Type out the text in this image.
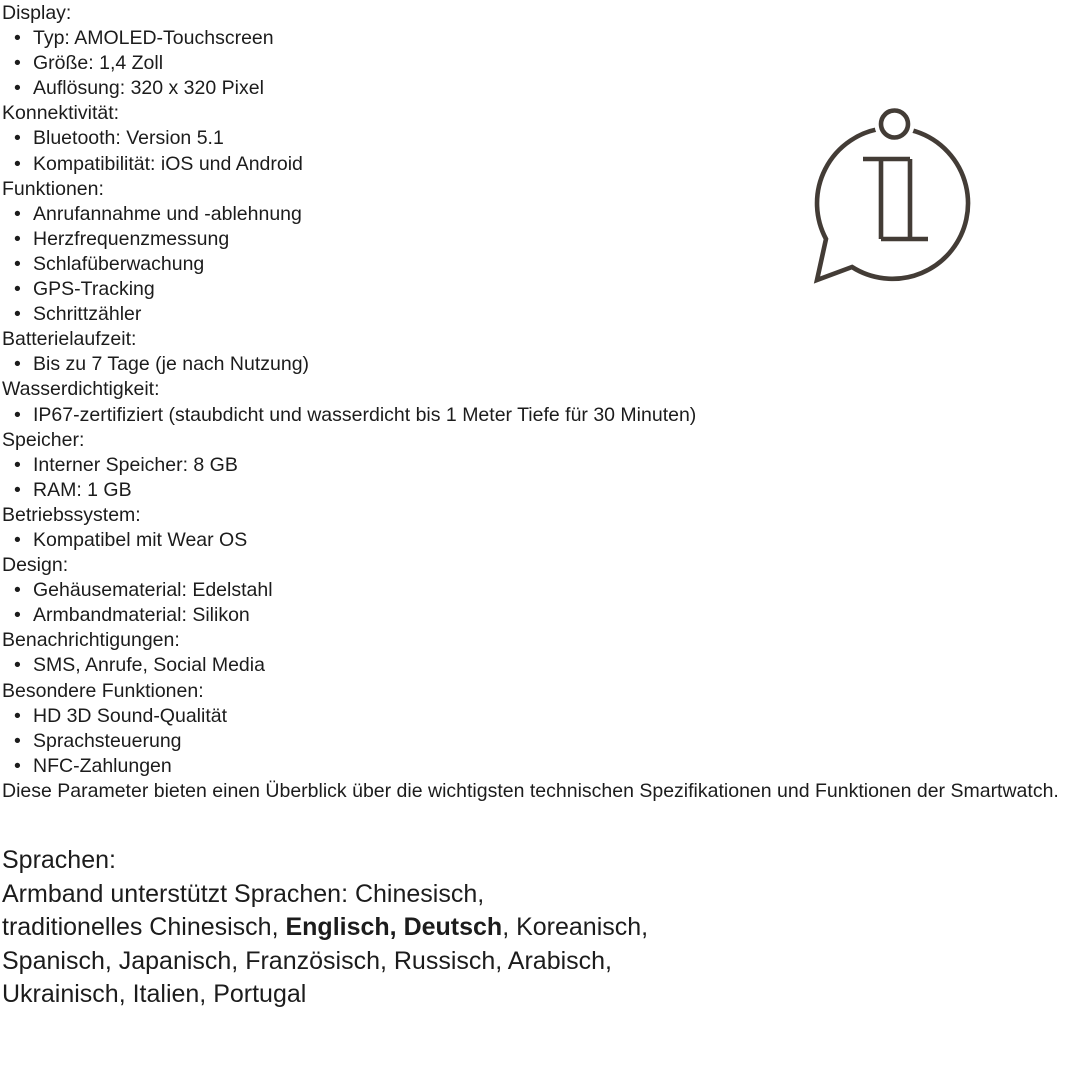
Display:
• Typ: AMOLED-Touchscreen
• Größe: 1,4 Zoll
• Auflösung: 320 x 320 Pixel
Konnektivität:
• Bluetooth: Version 5.1
• Kompatibilität: iOS und Android
Funktionen:
• Anrufannahme und -ablehnung
• Herzfrequenzmessung
• Schlafüberwachung
• GPS-Tracking
• Schrittzähler
Batterielaufzeit:
• Bis zu 7 Tage (je nach Nutzung)
Wasserdichtigkeit:
• IP67-zertifiziert (staubdicht und wasserdicht bis 1 Meter Tiefe für 30 Minuten)
Speicher:
• Interner Speicher: 8 GB
• RAM: 1 GB
Betriebssystem:
• Kompatibel mit Wear OS
Design:
• Gehäusematerial: Edelstahl
• Armbandmaterial: Silikon
Benachrichtigungen:
• SMS, Anrufe, Social Media
Besondere Funktionen:
• HD 3D Sound-Qualität
• Sprachsteuerung
• NFC-Zahlungen
Diese Parameter bieten einen Überblick über die wichtigsten technischen Spezifikationen und Funktionen der Smartwatch.
Sprachen:
Armband unterstützt Sprachen: Chinesisch,
traditionelles Chinesisch, Englisch, Deutsch, Koreanisch,
Spanisch, Japanisch, Französisch, Russisch, Arabisch,
Ukrainisch, Italien, Portugal
